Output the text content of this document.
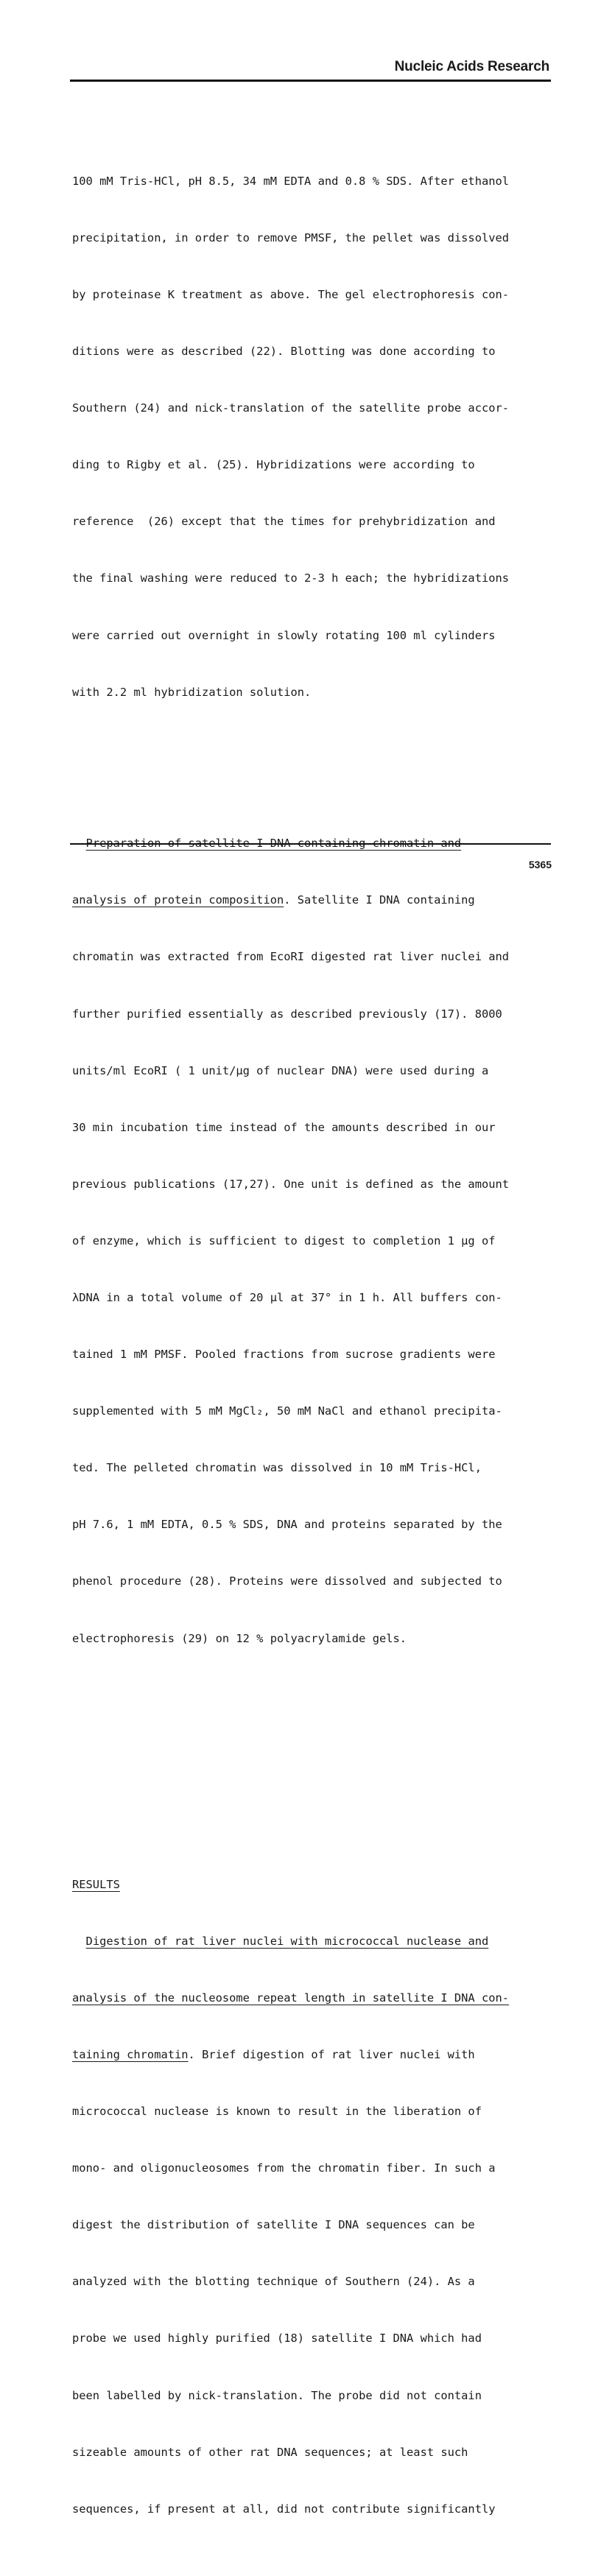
Nucleic Acids Research

100 mM Tris-HCl, pH 8.5, 34 mM EDTA and 0.8 % SDS. After ethanol

precipitation, in order to remove PMSF, the pellet was dissolved

by proteinase K treatment as above. The gel electrophoresis con-

ditions were as described (22). Blotting was done according to

Southern (24) and nick-translation of the satellite probe accor-

ding to Rigby et al. (25). Hybridizations were according to

reference  (26) except that the times for prehybridization and

the final washing were reduced to 2-3 h each; the hybridizations

were carried out overnight in slowly rotating 100 ml cylinders

with 2.2 ml hybridization solution.

Preparation of satellite I DNA containing chromatin and

analysis of protein composition. Satellite I DNA containing

chromatin was extracted from EcoRI digested rat liver nuclei and

further purified essentially as described previously (17). 8000

units/ml EcoRI ( 1 unit/µg of nuclear DNA) were used during a

30 min incubation time instead of the amounts described in our

previous publications (17,27). One unit is defined as the amount

of enzyme, which is sufficient to digest to completion 1 µg of

λDNA in a total volume of 20 µl at 37° in 1 h. All buffers con-

tained 1 mM PMSF. Pooled fractions from sucrose gradients were

supplemented with 5 mM MgCl₂, 50 mM NaCl and ethanol precipita-

ted. The pelleted chromatin was dissolved in 10 mM Tris-HCl,

pH 7.6, 1 mM EDTA, 0.5 % SDS, DNA and proteins separated by the

phenol procedure (28). Proteins were dissolved and subjected to

electrophoresis (29) on 12 % polyacrylamide gels.

RESULTS

Digestion of rat liver nuclei with micrococcal nuclease and

analysis of the nucleosome repeat length in satellite I DNA con-

taining chromatin. Brief digestion of rat liver nuclei with

micrococcal nuclease is known to result in the liberation of

mono- and oligonucleosomes from the chromatin fiber. In such a

digest the distribution of satellite I DNA sequences can be

analyzed with the blotting technique of Southern (24). As a

probe we used highly purified (18) satellite I DNA which had

been labelled by nick-translation. The probe did not contain

sizeable amounts of other rat DNA sequences; at least such

sequences, if present at all, did not contribute significantly

5365
